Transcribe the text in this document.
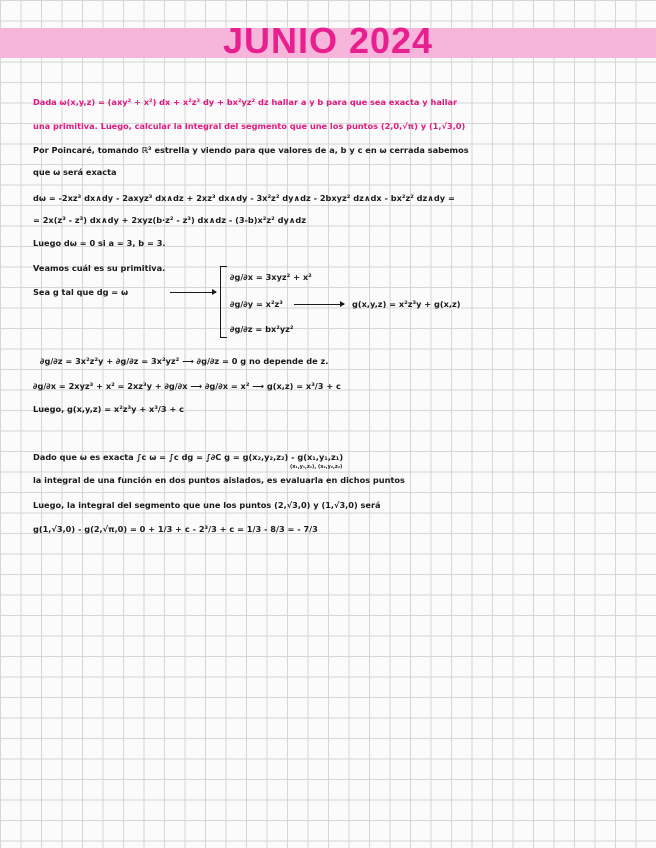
JUNIO 2024
Dada ω(x,y,z) = (axy² + x²) dx + x²z³ dy + bx²yz² dz hallar a y b para que sea exacta y hallar
una primitiva. Luego, calcular la integral del segmento que une los puntos (2,0,√π) y (1,√3,0)
Por Poincaré, tomando ℝ³ estrella y viendo para que valores de a, b y c en ω cerrada sabemos
que ω será exacta
dω = -2xz³ dx∧dy - 2axyz³ dx∧dz + 2xz³ dx∧dy - 3x²z² dy∧dz - 2bxyz² dz∧dx - bx²z² dz∧dy =
= 2x(z³ - z³) dx∧dy + 2xyz(b·z² - z³) dx∧dz - (3-b)x²z² dy∧dz
Luego dω = 0 si a = 3, b = 3.
Veamos cuál es su primitiva.
Sea g tal que dg = ω
∂g/∂x = 3xyz² + x²
∂g/∂y = x²z³
∂g/∂z = bx²yz²
g(x,y,z) = x²z³y + g(x,z)
∂g/∂z = 3x²z²y + ∂g/∂z = 3x²yz² ⟶ ∂g/∂z = 0 g no depende de z.
∂g/∂x = 2xyz³ + x² = 2xz³y + ∂g/∂x ⟶ ∂g/∂x = x² ⟶ g(x,z) = x³/3 + c
Luego, g(x,y,z) = x²z³y + x³/3 + c
Dado que ω es exacta ∫c ω = ∫c dg = ∫∂C g = g(x₂,y₂,z₂) - g(x₁,y₁,z₁)
(x₁,y₁,z₁), (x₂,y₂,z₂)
la integral de una función en dos puntos aislados, es evaluarla en dichos puntos
Luego, la integral del segmento que une los puntos (2,√3,0) y (1,√3,0) será
g(1,√3,0) - g(2,√π,0) = 0 + 1/3 + c - 2³/3 + c = 1/3 - 8/3 = - 7/3
